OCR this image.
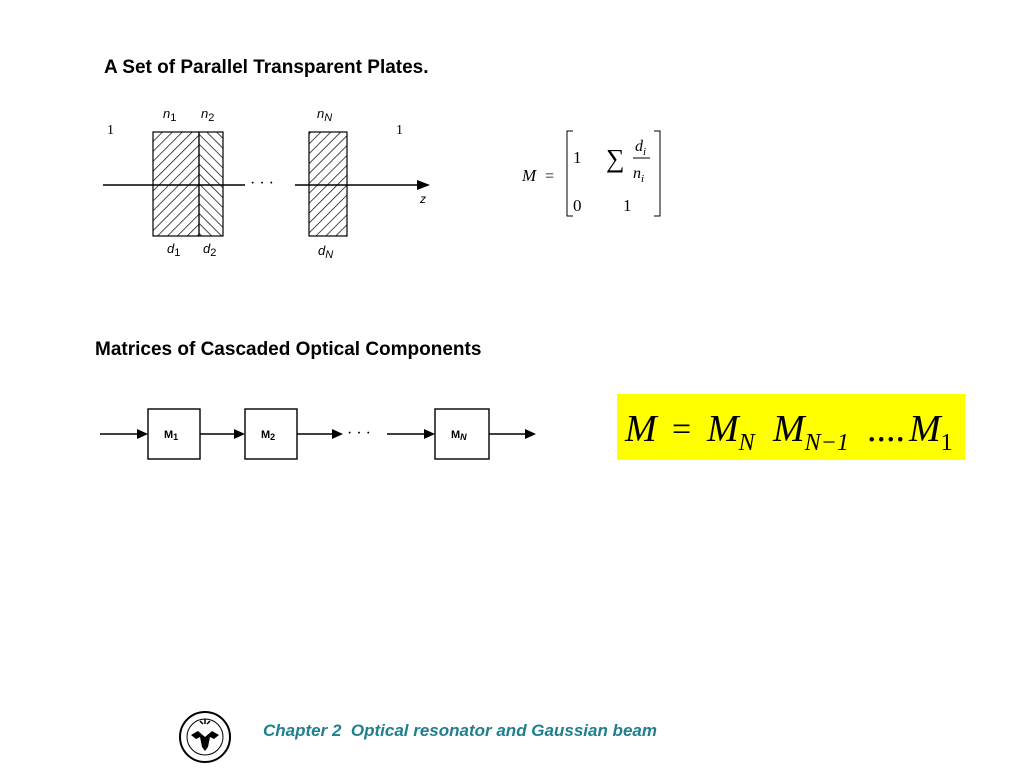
A Set of Parallel Transparent Plates.
· · ·
1	1
$n_1$ $n_2$	$n_N$
$d_1$ $d_2$	$d_N$
z
M =
1 ∑ $d_i$
$n_i$
0 1
Matrices of Cascaded Optical Components
M1	M2	· · ·	MN	$M = M_N$ $M_{N-1}$ .... $M_1$
Chapter 2 Optical resonator and Gaussian beam
